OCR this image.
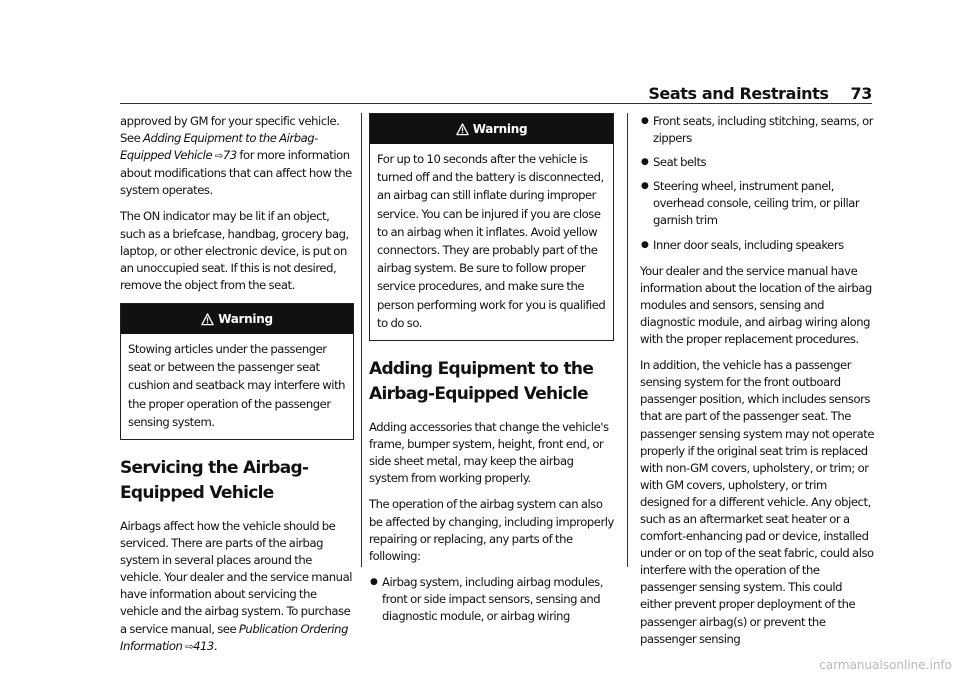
Seats and Restraints 73

approved by GM for your specific vehicle. See Adding Equipment to the Airbag-Equipped Vehicle ⇨73 for more information about modifications that can affect how the system operates.

The ON indicator may be lit if an object, such as a briefcase, handbag, grocery bag, laptop, or other electronic device, is put on an unoccupied seat. If this is not desired, remove the object from the seat.

Warning

Stowing articles under the passenger seat or between the passenger seat cushion and seatback may interfere with the proper operation of the passenger sensing system.

Servicing the Airbag-Equipped Vehicle

Airbags affect how the vehicle should be serviced. There are parts of the airbag system in several places around the vehicle. Your dealer and the service manual have information about servicing the vehicle and the airbag system. To purchase a service manual, see Publication Ordering Information ⇨413.

Warning

For up to 10 seconds after the vehicle is turned off and the battery is disconnected, an airbag can still inflate during improper service. You can be injured if you are close to an airbag when it inflates. Avoid yellow connectors. They are probably part of the airbag system. Be sure to follow proper service procedures, and make sure the person performing work for you is qualified to do so.

Adding Equipment to the Airbag-Equipped Vehicle

Adding accessories that change the vehicle's frame, bumper system, height, front end, or side sheet metal, may keep the airbag system from working properly.

The operation of the airbag system can also be affected by changing, including improperly repairing or replacing, any parts of the following:

● Airbag system, including airbag modules, front or side impact sensors, sensing and diagnostic module, or airbag wiring
● Front seats, including stitching, seams, or zippers
● Seat belts
● Steering wheel, instrument panel, overhead console, ceiling trim, or pillar garnish trim
● Inner door seals, including speakers

Your dealer and the service manual have information about the location of the airbag modules and sensors, sensing and diagnostic module, and airbag wiring along with the proper replacement procedures.

In addition, the vehicle has a passenger sensing system for the front outboard passenger position, which includes sensors that are part of the passenger seat. The passenger sensing system may not operate properly if the original seat trim is replaced with non-GM covers, upholstery, or trim; or with GM covers, upholstery, or trim designed for a different vehicle. Any object, such as an aftermarket seat heater or a comfort-enhancing pad or device, installed under or on top of the seat fabric, could also interfere with the operation of the passenger sensing system. This could either prevent proper deployment of the passenger airbag(s) or prevent the passenger sensing

carmanualsonline.info
